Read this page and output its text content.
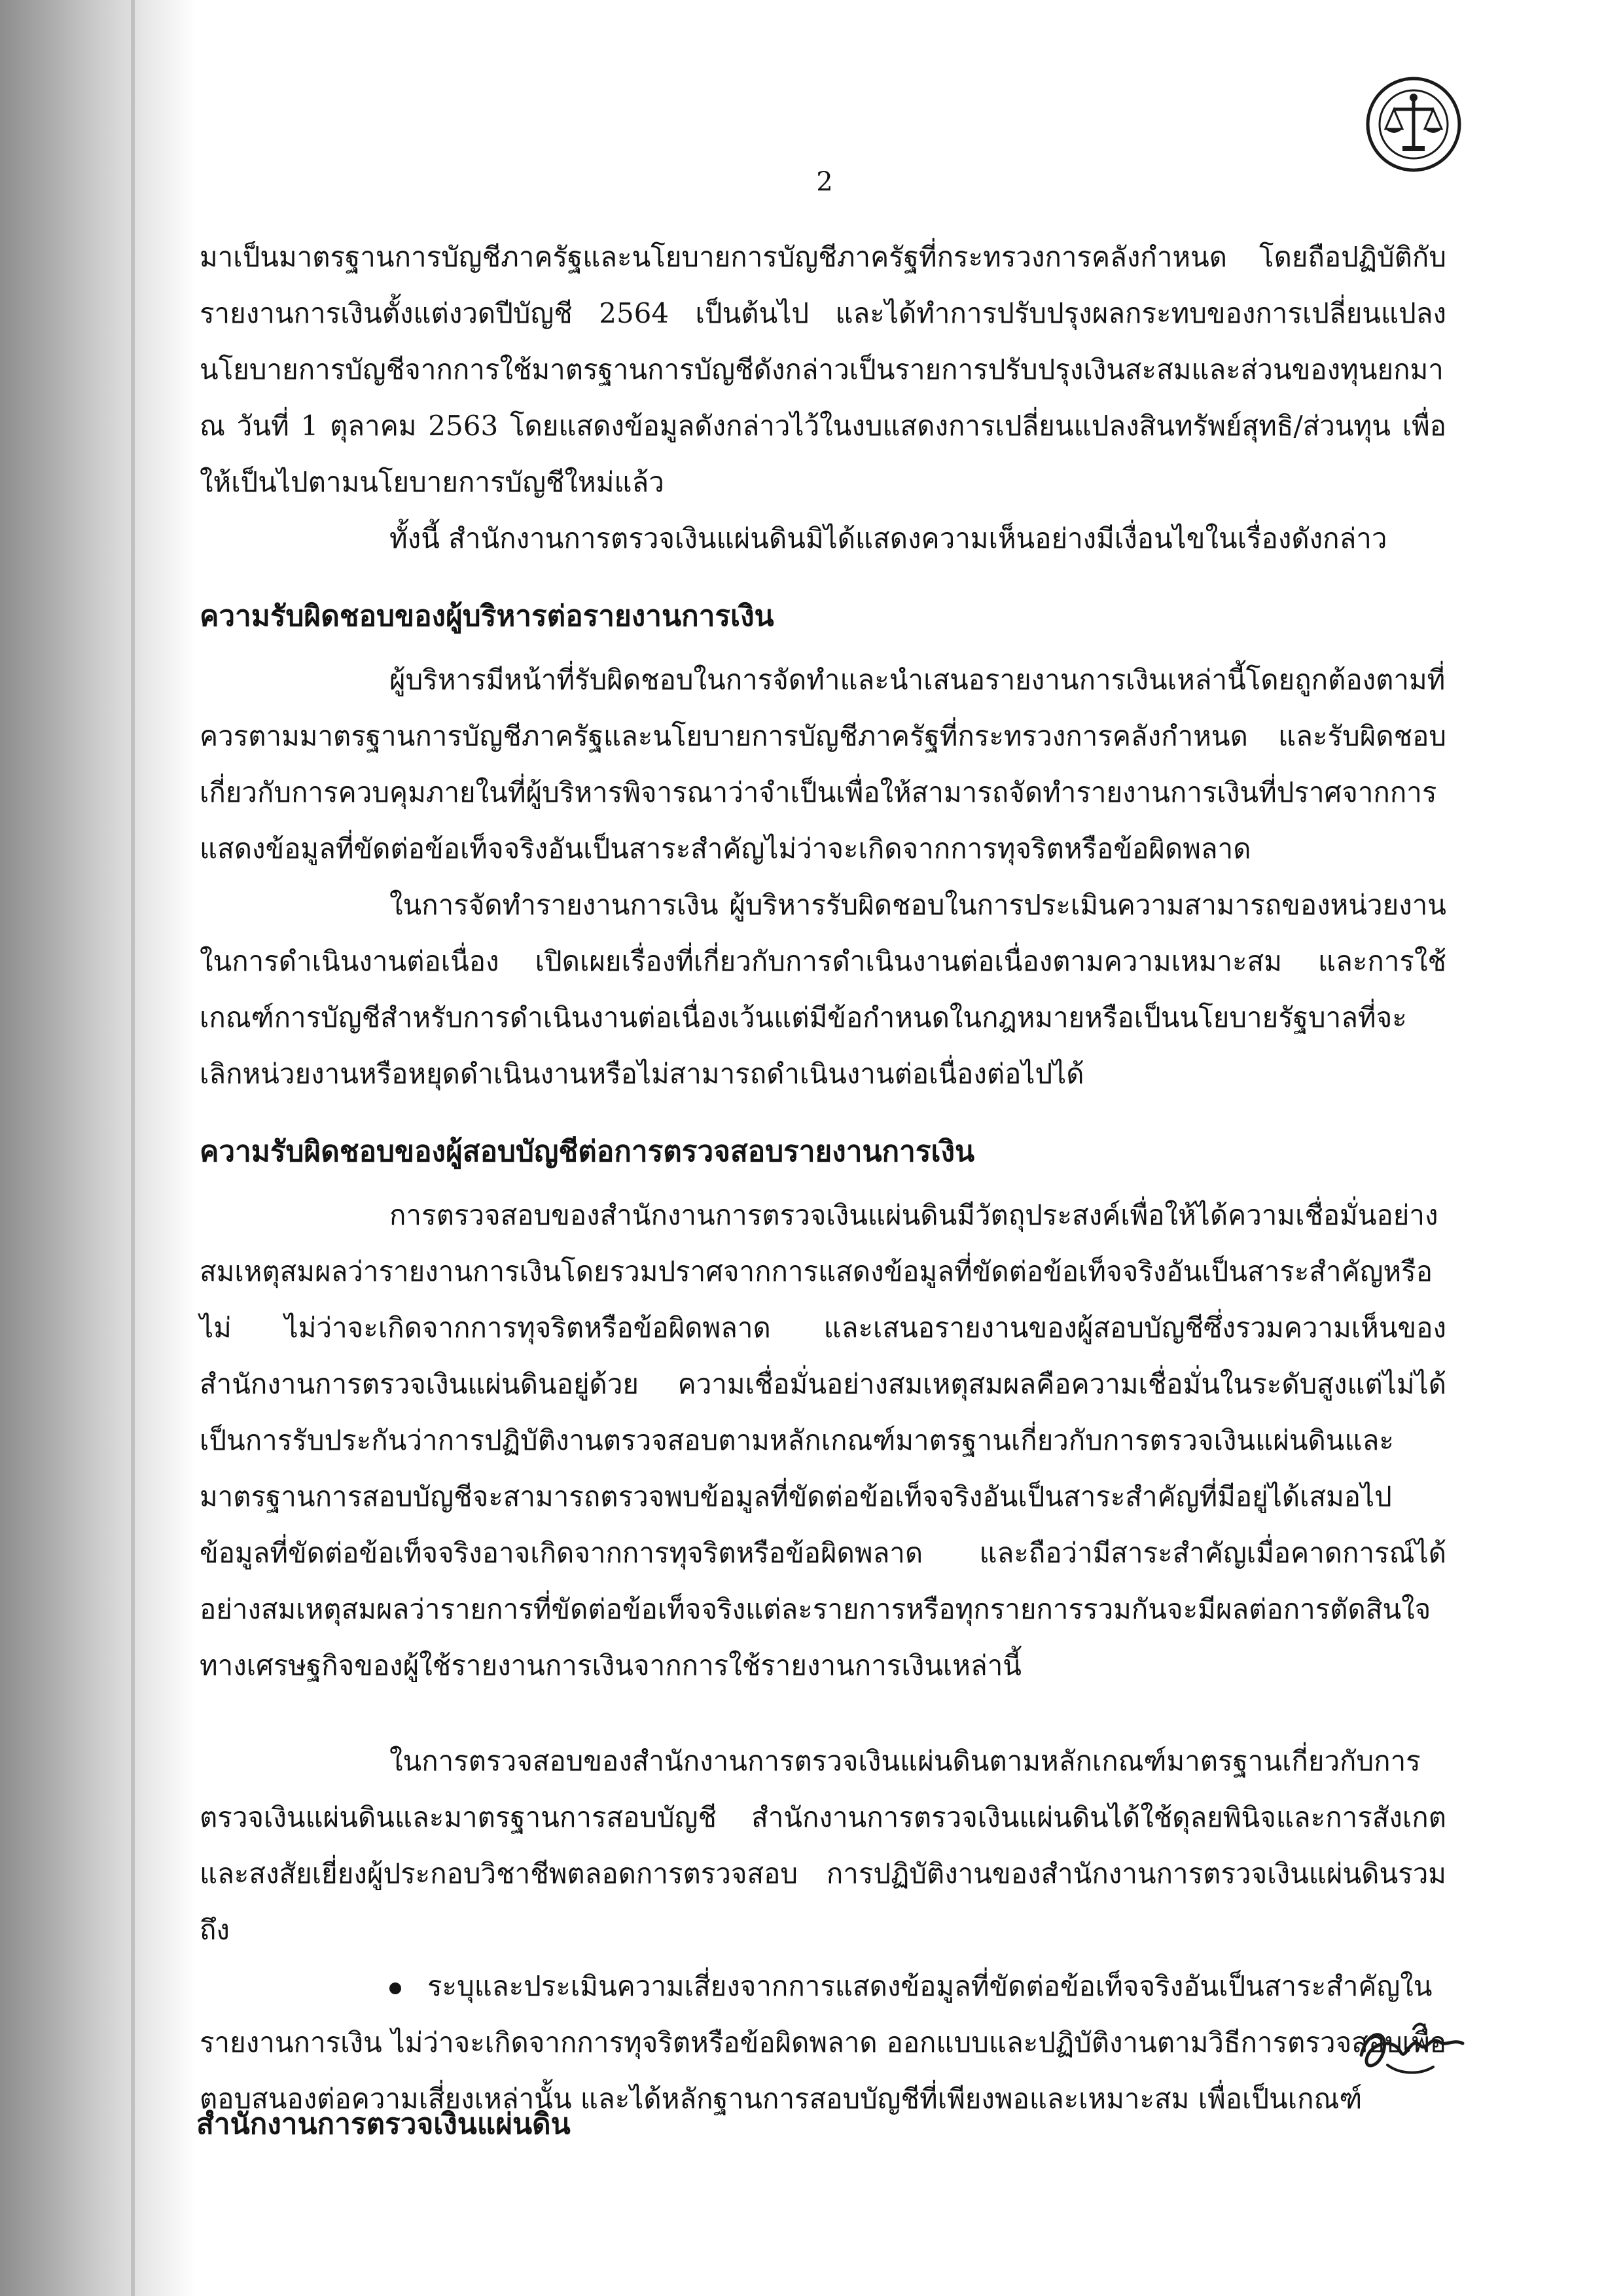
2

มาเป็นมาตรฐานการบัญชีภาครัฐและนโยบายการบัญชีภาครัฐที่กระทรวงการคลังกำหนด โดยถือปฏิบัติกับรายงานการเงินตั้งแต่งวดปีบัญชี 2564 เป็นต้นไป และได้ทำการปรับปรุงผลกระทบของการเปลี่ยนแปลงนโยบายการบัญชีจากการใช้มาตรฐานการบัญชีดังกล่าวเป็นรายการปรับปรุงเงินสะสมและส่วนของทุนยกมา ณ วันที่ 1 ตุลาคม 2563 โดยแสดงข้อมูลดังกล่าวไว้ในงบแสดงการเปลี่ยนแปลงสินทรัพย์สุทธิ/ส่วนทุน เพื่อให้เป็นไปตามนโยบายการบัญชีใหม่แล้ว

ทั้งนี้ สำนักงานการตรวจเงินแผ่นดินมิได้แสดงความเห็นอย่างมีเงื่อนไขในเรื่องดังกล่าว

ความรับผิดชอบของผู้บริหารต่อรายงานการเงิน

ผู้บริหารมีหน้าที่รับผิดชอบในการจัดทำและนำเสนอรายงานการเงินเหล่านี้โดยถูกต้องตามที่ควรตามมาตรฐานการบัญชีภาครัฐและนโยบายการบัญชีภาครัฐที่กระทรวงการคลังกำหนด และรับผิดชอบเกี่ยวกับการควบคุมภายในที่ผู้บริหารพิจารณาว่าจำเป็นเพื่อให้สามารถจัดทำรายงานการเงินที่ปราศจากการแสดงข้อมูลที่ขัดต่อข้อเท็จจริงอันเป็นสาระสำคัญไม่ว่าจะเกิดจากการทุจริตหรือข้อผิดพลาด

ในการจัดทำรายงานการเงิน ผู้บริหารรับผิดชอบในการประเมินความสามารถของหน่วยงานในการดำเนินงานต่อเนื่อง เปิดเผยเรื่องที่เกี่ยวกับการดำเนินงานต่อเนื่องตามความเหมาะสม และการใช้เกณฑ์การบัญชีสำหรับการดำเนินงานต่อเนื่องเว้นแต่มีข้อกำหนดในกฎหมายหรือเป็นนโยบายรัฐบาลที่จะเลิกหน่วยงานหรือหยุดดำเนินงานหรือไม่สามารถดำเนินงานต่อเนื่องต่อไปได้

ความรับผิดชอบของผู้สอบบัญชีต่อการตรวจสอบรายงานการเงิน

การตรวจสอบของสำนักงานการตรวจเงินแผ่นดินมีวัตถุประสงค์เพื่อให้ได้ความเชื่อมั่นอย่างสมเหตุสมผลว่ารายงานการเงินโดยรวมปราศจากการแสดงข้อมูลที่ขัดต่อข้อเท็จจริงอันเป็นสาระสำคัญหรือไม่ ไม่ว่าจะเกิดจากการทุจริตหรือข้อผิดพลาด และเสนอรายงานของผู้สอบบัญชีซึ่งรวมความเห็นของสำนักงานการตรวจเงินแผ่นดินอยู่ด้วย ความเชื่อมั่นอย่างสมเหตุสมผลคือความเชื่อมั่นในระดับสูงแต่ไม่ได้เป็นการรับประกันว่าการปฏิบัติงานตรวจสอบตามหลักเกณฑ์มาตรฐานเกี่ยวกับการตรวจเงินแผ่นดินและมาตรฐานการสอบบัญชีจะสามารถตรวจพบข้อมูลที่ขัดต่อข้อเท็จจริงอันเป็นสาระสำคัญที่มีอยู่ได้เสมอไป ข้อมูลที่ขัดต่อข้อเท็จจริงอาจเกิดจากการทุจริตหรือข้อผิดพลาด และถือว่ามีสาระสำคัญเมื่อคาดการณ์ได้อย่างสมเหตุสมผลว่ารายการที่ขัดต่อข้อเท็จจริงแต่ละรายการหรือทุกรายการรวมกันจะมีผลต่อการตัดสินใจทางเศรษฐกิจของผู้ใช้รายงานการเงินจากการใช้รายงานการเงินเหล่านี้

ในการตรวจสอบของสำนักงานการตรวจเงินแผ่นดินตามหลักเกณฑ์มาตรฐานเกี่ยวกับการตรวจเงินแผ่นดินและมาตรฐานการสอบบัญชี สำนักงานการตรวจเงินแผ่นดินได้ใช้ดุลยพินิจและการสังเกตและสงสัยเยี่ยงผู้ประกอบวิชาชีพตลอดการตรวจสอบ การปฏิบัติงานของสำนักงานการตรวจเงินแผ่นดินรวมถึง

ระบุและประเมินความเสี่ยงจากการแสดงข้อมูลที่ขัดต่อข้อเท็จจริงอันเป็นสาระสำคัญในรายงานการเงิน ไม่ว่าจะเกิดจากการทุจริตหรือข้อผิดพลาด ออกแบบและปฏิบัติงานตามวิธีการตรวจสอบเพื่อตอบสนองต่อความเสี่ยงเหล่านั้น และได้หลักฐานการสอบบัญชีที่เพียงพอและเหมาะสม เพื่อเป็นเกณฑ์

สำนักงานการตรวจเงินแผ่นดิน
